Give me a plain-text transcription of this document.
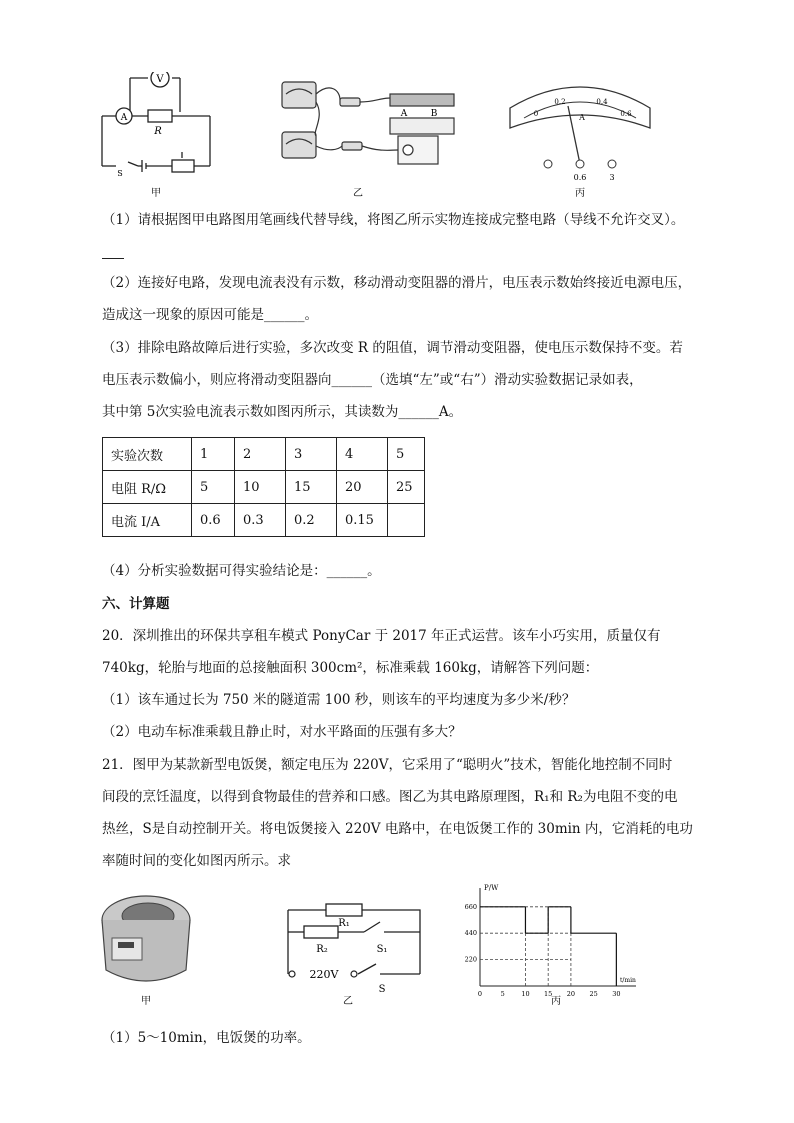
V
A
R
S
甲
A	B
乙
0
0.2	0.4
0.6
A
0.6	3
丙
（1）请根据图甲电路图用笔画线代替导线，将图乙所示实物连接成完整电路（导线不允许交叉）。
（2）连接好电路，发现电流表没有示数，移动滑动变阻器的滑片，电压表示数始终接近电源电压，
造成这一现象的原因可能是______。
（3）排除电路故障后进行实验，多次改变 R 的阻值，调节滑动变阻器，使电压示数保持不变。若
电压表示数偏小，则应将滑动变阻器向______（选填“左”或“右”）滑动实验数据记录如表，
其中第 5次实验电流表示数如图丙所示，其读数为______A。
实验次数	1	2	3	4	5
电阻 R/Ω	5	10	15	20	25
电流 I/A	0.6	0.3	0.2	0.15	
（4）分析实验数据可得实验结论是：______。
六、计算题
20．深圳推出的环保共享租车模式 PonyCar 于 2017 年正式运营。该车小巧实用，质量仅有
740kg，轮胎与地面的总接触面积 300cm²，标准乘载 160kg，请解答下列问题：
（1）该车通过长为 750 米的隧道需 100 秒，则该车的平均速度为多少米/秒？
（2）电动车标准乘载且静止时，对水平路面的压强有多大？
21．图甲为某款新型电饭煲，额定电压为 220V，它采用了“聪明火”技术，智能化地控制不同时
间段的烹饪温度，以得到食物最佳的营养和口感。图乙为其电路原理图，R₁和 R₂为电阻不变的电
热丝，S是自动控制开关。将电饭煲接入 220V 电路中，在电饭煲工作的 30min 内，它消耗的电功
率随时间的变化如图丙所示。求
甲
R₁
R₂	S₁
220V
S
乙
P/W
t/min
0	5	10 15 20 25 30
220
440
660
丙
（1）5～10min，电饭煲的功率。
